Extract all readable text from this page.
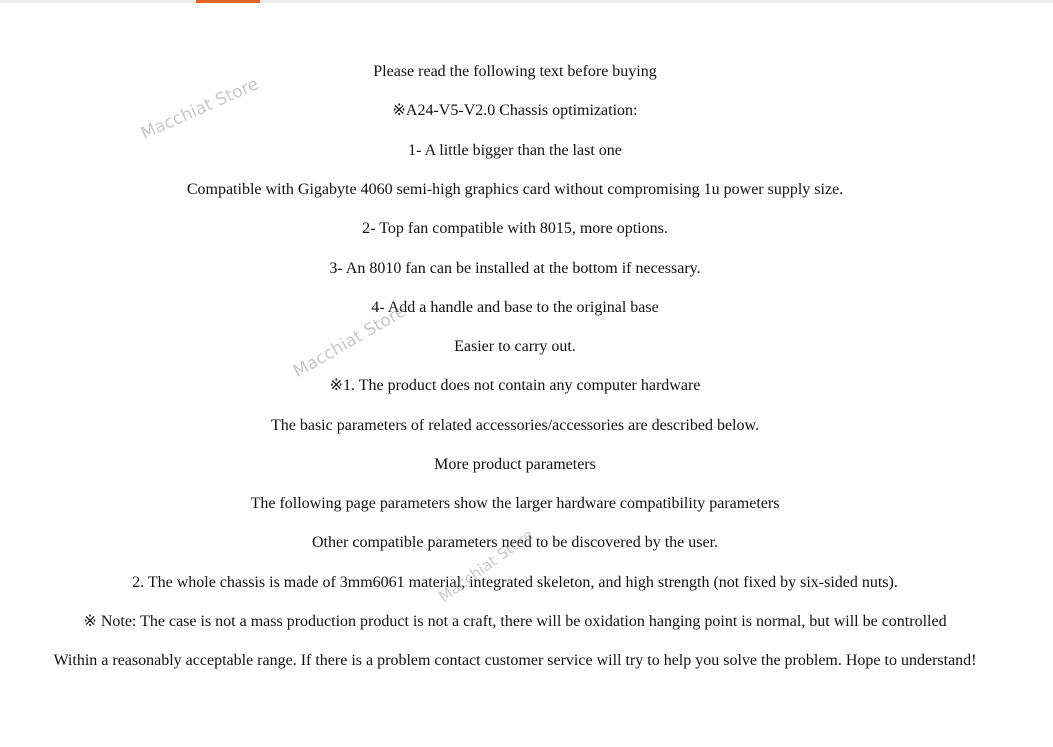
Please read the following text before buying
※A24-V5-V2.0 Chassis optimization:
1- A little bigger than the last one
Compatible with Gigabyte 4060 semi-high graphics card without compromising 1u power supply size.
2- Top fan compatible with 8015, more options.
3- An 8010 fan can be installed at the bottom if necessary.
4- Add a handle and base to the original base
Easier to carry out.
※1. The product does not contain any computer hardware
The basic parameters of related accessories/accessories are described below.
More product parameters
The following page parameters show the larger hardware compatibility parameters
Other compatible parameters need to be discovered by the user.
2. The whole chassis is made of 3mm6061 material, integrated skeleton, and high strength (not fixed by six-sided nuts).
※ Note: The case is not a mass production product is not a craft, there will be oxidation hanging point is normal, but will be controlled
Within a reasonably acceptable range. If there is a problem contact customer service will try to help you solve the problem. Hope to understand!
Macchiat Store
Macchiat Store
Macchiat Store
